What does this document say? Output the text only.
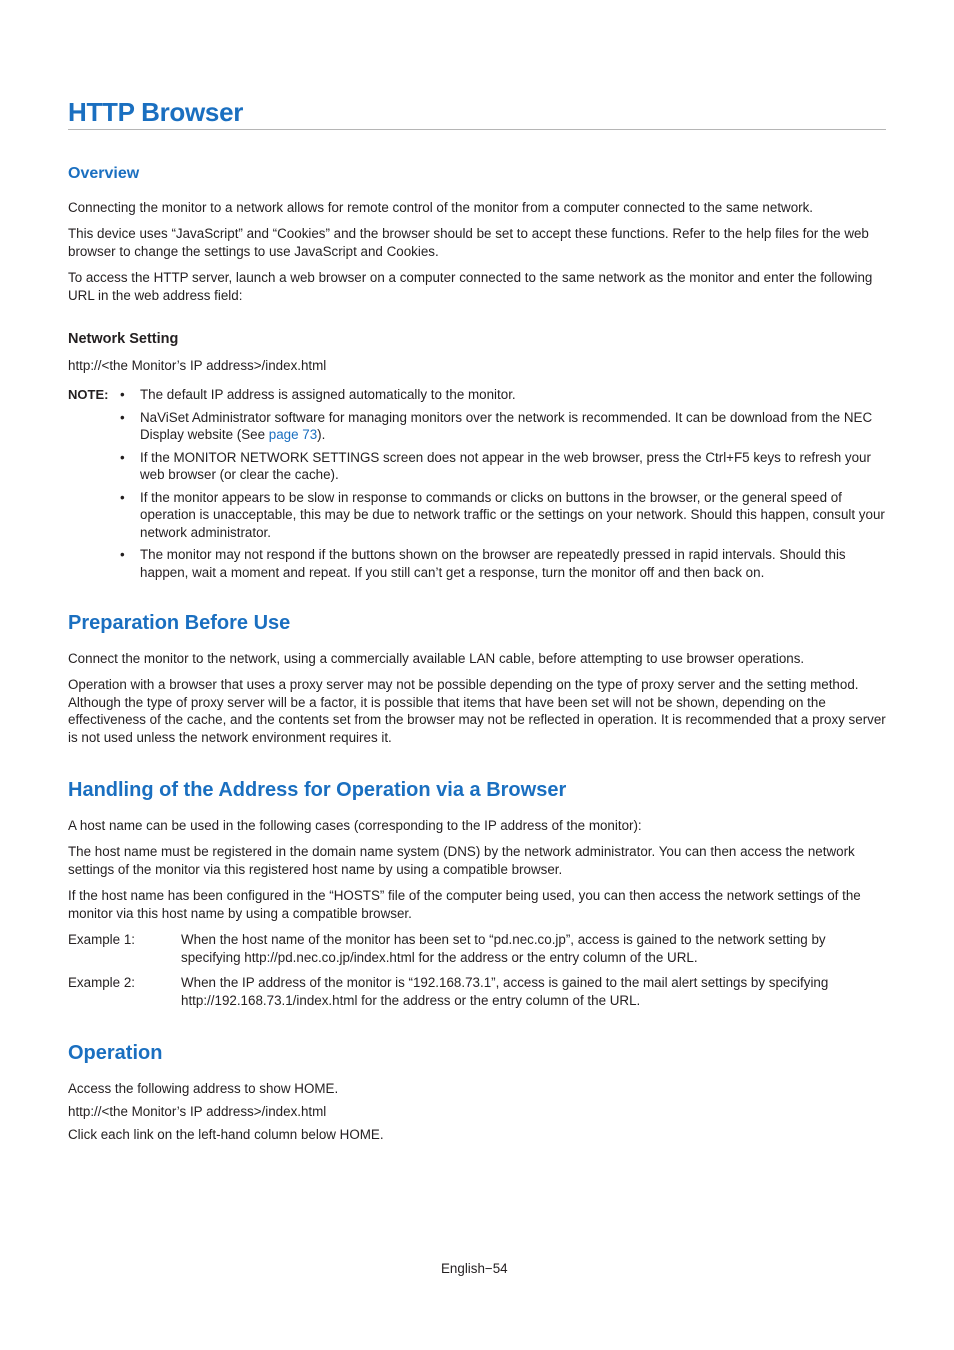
HTTP Browser
Overview

Connecting the monitor to a network allows for remote control of the monitor from a computer connected to the same network.

This device uses “JavaScript” and “Cookies” and the browser should be set to accept these functions. Refer to the help files for the web browser to change the settings to use JavaScript and Cookies.

To access the HTTP server, launch a web browser on a computer connected to the same network as the monitor and enter the following URL in the web address field:

Network Setting

http://<the Monitor’s IP address>/index.html

NOTE: • The default IP address is assigned automatically to the monitor.
• NaViSet Administrator software for managing monitors over the network is recommended. It can be download from the NEC Display website (See page 73).
• If the MONITOR NETWORK SETTINGS screen does not appear in the web browser, press the Ctrl+F5 keys to refresh your web browser (or clear the cache).
• If the monitor appears to be slow in response to commands or clicks on buttons in the browser, or the general speed of operation is unacceptable, this may be due to network traffic or the settings on your network. Should this happen, consult your network administrator.
• The monitor may not respond if the buttons shown on the browser are repeatedly pressed in rapid intervals. Should this happen, wait a moment and repeat. If you still can’t get a response, turn the monitor off and then back on.
Preparation Before Use

Connect the monitor to the network, using a commercially available LAN cable, before attempting to use browser operations.

Operation with a browser that uses a proxy server may not be possible depending on the type of proxy server and the setting method. Although the type of proxy server will be a factor, it is possible that items that have been set will not be shown, depending on the effectiveness of the cache, and the contents set from the browser may not be reflected in operation. It is recommended that a proxy server is not used unless the network environment requires it.

Handling of the Address for Operation via a Browser

A host name can be used in the following cases (corresponding to the IP address of the monitor):

The host name must be registered in the domain name system (DNS) by the network administrator. You can then access the network settings of the monitor via this registered host name by using a compatible browser.

If the host name has been configured in the “HOSTS” file of the computer being used, you can then access the network settings of the monitor via this host name by using a compatible browser.

Example 1:	When the host name of the monitor has been set to “pd.nec.co.jp”, access is gained to the network setting by specifying http://pd.nec.co.jp/index.html for the address or the entry column of the URL.

Example 2:	When the IP address of the monitor is “192.168.73.1”, access is gained to the mail alert settings by specifying http://192.168.73.1/index.html for the address or the entry column of the URL.

Operation

Access the following address to show HOME.

http://<the Monitor’s IP address>/index.html

Click each link on the left-hand column below HOME.

English−54
